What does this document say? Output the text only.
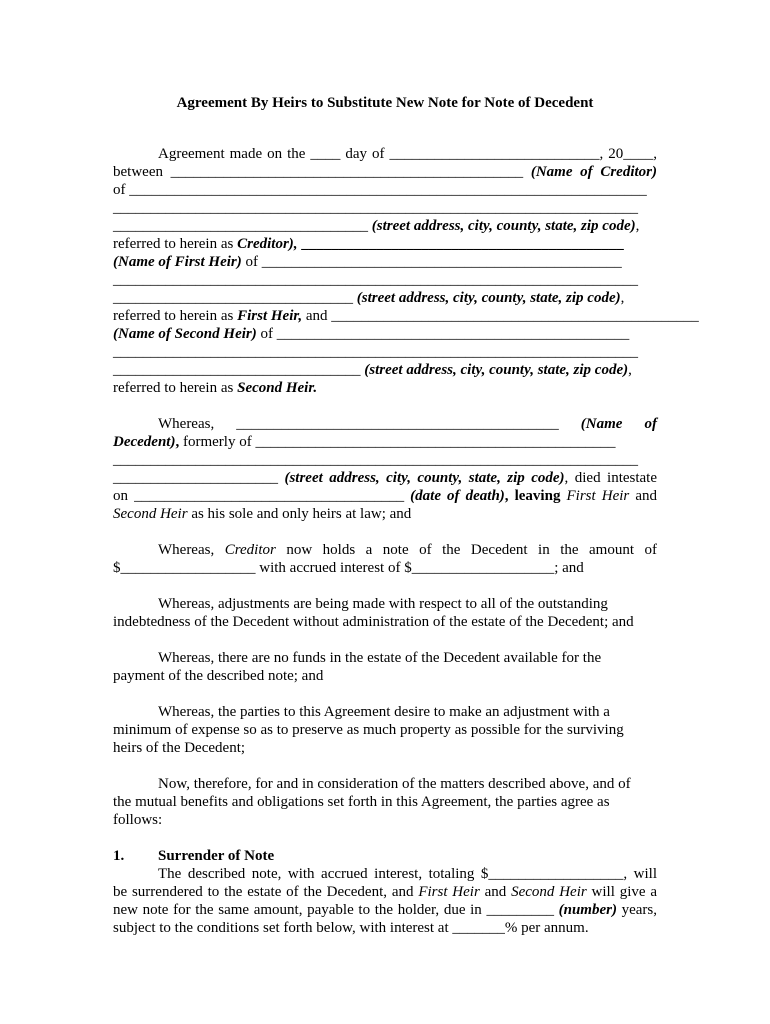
Agreement By Heirs to Substitute New Note for Note of Decedent

Agreement made on the ____ day of ____________________________, 20____,
between _______________________________________________ (Name of Creditor)
of _____________________________________________________________________
______________________________________________________________________
__________________________________ (street address, city, county, state, zip code),
referred to herein as Creditor), ___________________________________________
(Name of First Heir) of ________________________________________________
______________________________________________________________________
________________________________ (street address, city, county, state, zip code),
referred to herein as First Heir, and _________________________________________________
(Name of Second Heir) of _______________________________________________
______________________________________________________________________
_________________________________ (street address, city, county, state, zip code),
referred to herein as Second Heir.
Whereas, ___________________________________________ (Name of
Decedent), formerly of ________________________________________________
______________________________________________________________________
______________________ (street address, city, county, state, zip code), died intestate
on ____________________________________ (date of death), leaving First Heir and
Second Heir as his sole and only heirs at law; and
Whereas, Creditor now holds a note of the Decedent in the amount of
$__________________ with accrued interest of $___________________; and
Whereas, adjustments are being made with respect to all of the outstanding
indebtedness of the Decedent without administration of the estate of the Decedent; and
Whereas, there are no funds in the estate of the Decedent available for the
payment of the described note; and
Whereas, the parties to this Agreement desire to make an adjustment with a
minimum of expense so as to preserve as much property as possible for the surviving
heirs of the Decedent;
Now, therefore, for and in consideration of the matters described above, and of
the mutual benefits and obligations set forth in this Agreement, the parties agree as
follows:
1.	Surrender of Note
The described note, with accrued interest, totaling $__________________, will
be surrendered to the estate of the Decedent, and First Heir and Second Heir will give a
new note for the same amount, payable to the holder, due in _________ (number) years,
subject to the conditions set forth below, with interest at _______% per annum.
